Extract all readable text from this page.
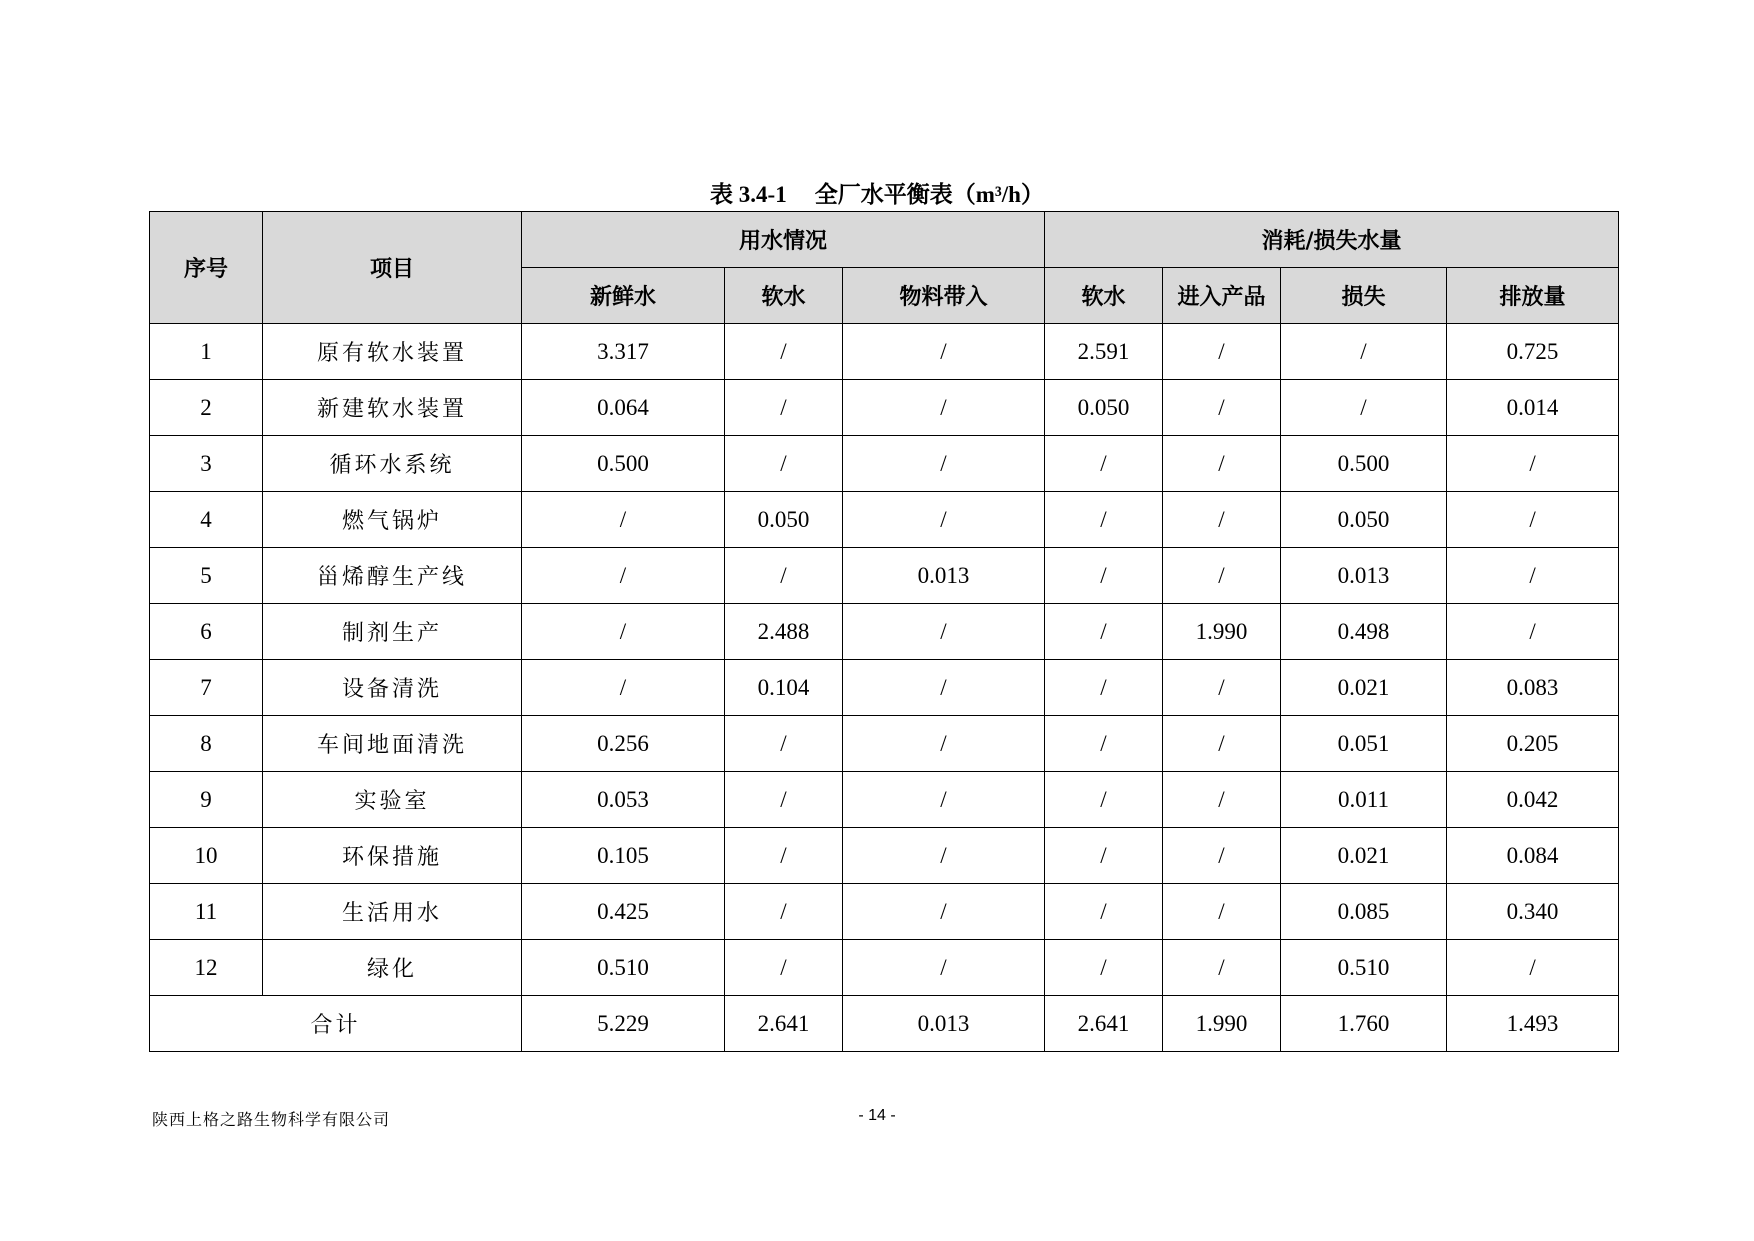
表 3.4-1 全厂水平衡表（m³/h）
序号	项目	用水情况			消耗/损失水量			
		新鲜水	软水	物料带入	软水	进入产品	损失	排放量
1	原有软水装置	3.317	/	/	2.591	/	/	0.725
2	新建软水装置	0.064	/	/	0.050	/	/	0.014
3	循环水系统	0.500	/	/	/	/	0.500	/
4	燃气锅炉	/	0.050	/	/	/	0.050	/
5	甾烯醇生产线	/	/	0.013	/	/	0.013	/
6	制剂生产	/	2.488	/	/	1.990	0.498	/
7	设备清洗	/	0.104	/	/	/	0.021	0.083
8	车间地面清洗	0.256	/	/	/	/	0.051	0.205
9	实验室	0.053	/	/	/	/	0.011	0.042
10	环保措施	0.105	/	/	/	/	0.021	0.084
11	生活用水	0.425	/	/	/	/	0.085	0.340
12	绿化	0.510	/	/	/	/	0.510	/
合计		5.229	2.641	0.013	2.641	1.990	1.760	1.493
陕西上格之路生物科学有限公司	- 14 -
